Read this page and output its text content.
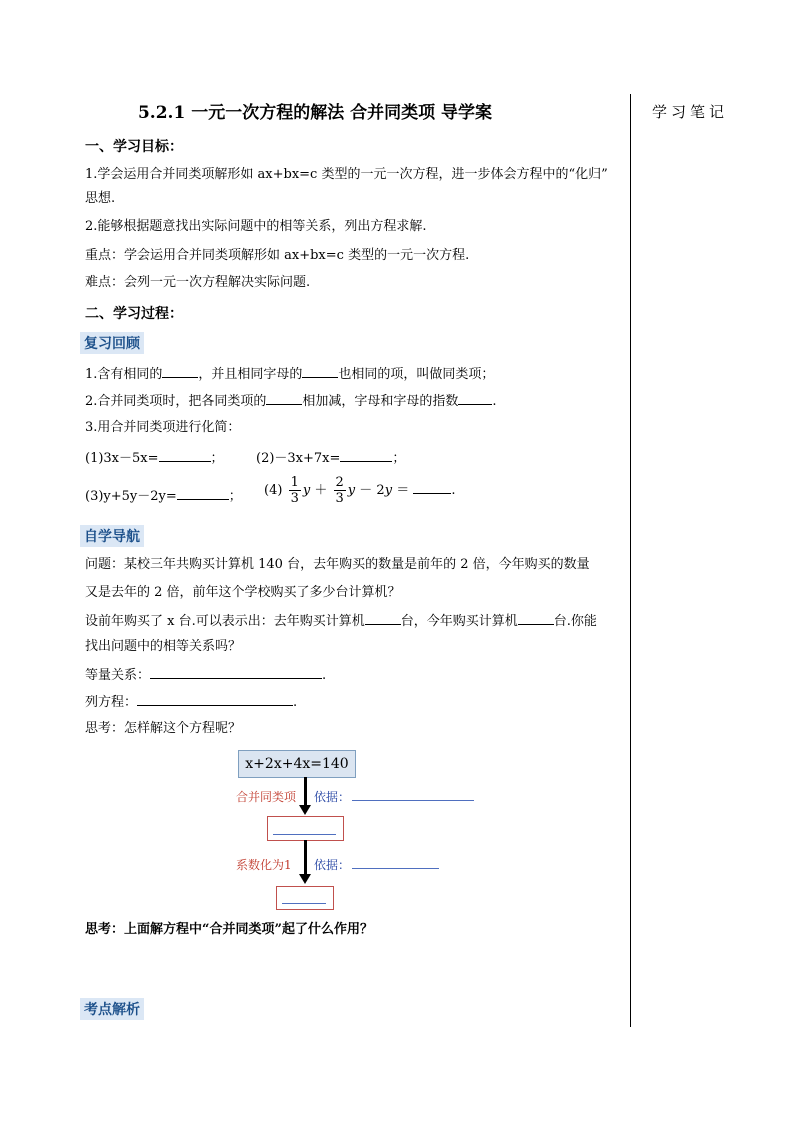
5.2.1 一元一次方程的解法 合并同类项 导学案	学习笔记
一、学习目标：
1.学会运用合并同类项解形如 ax+bx=c 类型的一元一次方程，进一步体会方程中的“化归”
思想.
2.能够根据题意找出实际问题中的相等关系，列出方程求解.
重点：学会运用合并同类项解形如 ax+bx=c 类型的一元一次方程.
难点：会列一元一次方程解决实际问题.
二、学习过程：
复习回顾
1.含有相同的	，并且相同字母的	也相同的项，叫做同类项；
2.合并同类项时，把各同类项的	相加减，字母和字母的指数	.
3.用合并同类项进行化简：
(1)3x－5x=	； (2)－3x+7x=	；
(3)y+5y－2y=	； $(4) \frac{1}{3}$ $y + \frac{2}{3}$ y － 2y ＝	.
自学导航
问题：某校三年共购买计算机 140 台，去年购买的数量是前年的 2 倍，今年购买的数量
又是去年的 2 倍，前年这个学校购买了多少台计算机？
设前年购买了 x 台.可以表示出：去年购买计算机	台，今年购买计算机	台.你能
找出问题中的相等关系吗？
等量关系：	.
列方程：	.
思考：怎样解这个方程呢？
x+2x+4x=140
合并同类项 依据：
系数化为1 依据：
思考：上面解方程中“合并同类项”起了什么作用？
考点解析
